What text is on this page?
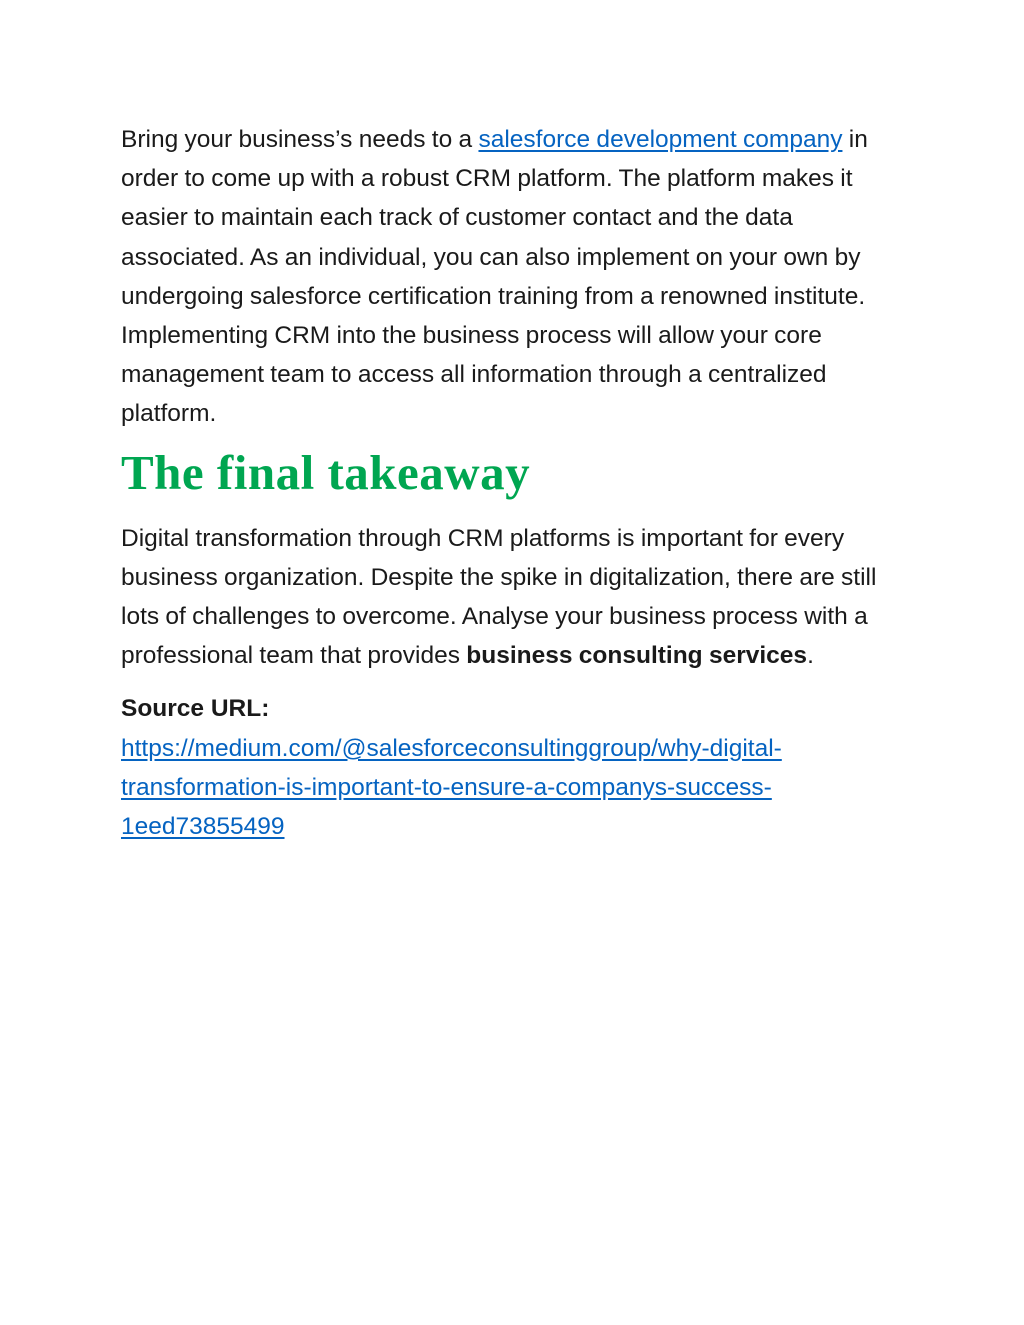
Bring your business’s needs to a salesforce development company in order to come up with a robust CRM platform. The platform makes it easier to maintain each track of customer contact and the data associated. As an individual, you can also implement on your own by undergoing salesforce certification training from a renowned institute. Implementing CRM into the business process will allow your core management team to access all information through a centralized platform.

The final takeaway

Digital transformation through CRM platforms is important for every business organization. Despite the spike in digitalization, there are still lots of challenges to overcome. Analyse your business process with a professional team that provides business consulting services.

Source URL:

https://medium.com/@salesforceconsultinggroup/why-digital-
transformation-is-important-to-ensure-a-companys-success-
1eed73855499
